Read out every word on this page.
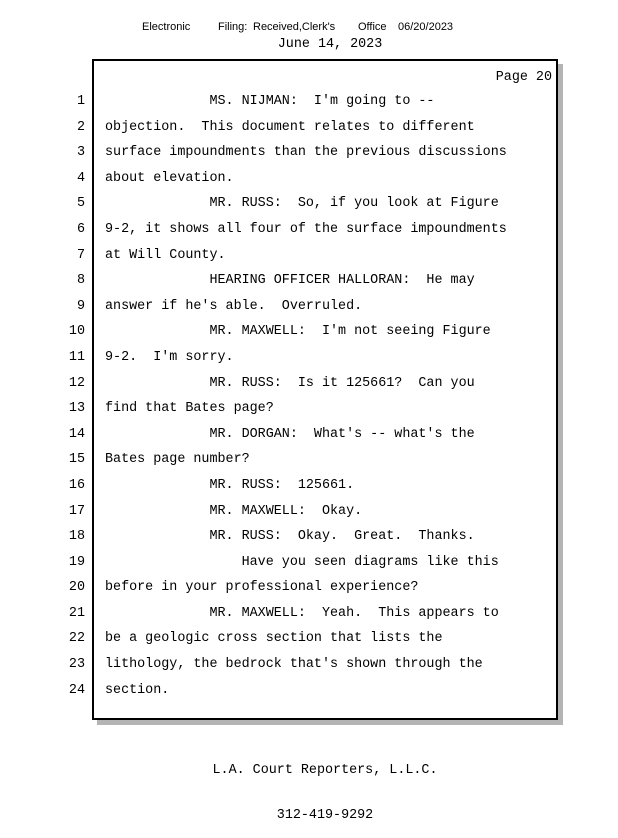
Electronic	Filing: Received,Clerk's Office 06/20/2023
June 14, 2023
Page 20
1 MS. NIJMAN:  I'm going to --
2 objection.  This document relates to different
3 surface impoundments than the previous discussions
4 about elevation.
5 MR. RUSS:  So, if you look at Figure
6 9-2, it shows all four of the surface impoundments
7 at Will County.
8 HEARING OFFICER HALLORAN:  He may
9 answer if he's able.  Overruled.
10 MR. MAXWELL:  I'm not seeing Figure
11 9-2.  I'm sorry.
12 MR. RUSS:  Is it 125661?  Can you
13 find that Bates page?
14 MR. DORGAN:  What's -- what's the
15 Bates page number?
16 MR. RUSS:  125661.
17 MR. MAXWELL:  Okay.
18 MR. RUSS:  Okay.  Great.  Thanks.
19 Have you seen diagrams like this
20 before in your professional experience?
21 MR. MAXWELL:  Yeah.  This appears to
22 be a geologic cross section that lists the
23 lithology, the bedrock that's shown through the
24 section.

L.A. Court Reporters, L.L.C.

312-419-9292
